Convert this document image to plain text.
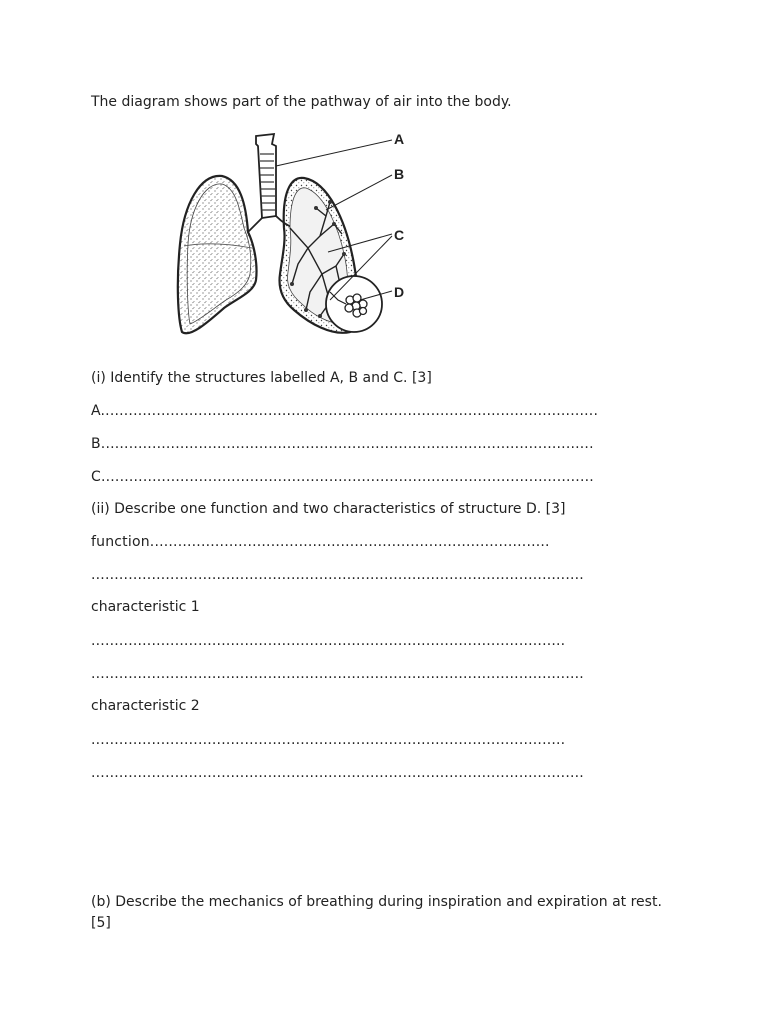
The diagram shows part of the pathway of air into the body.
A
B
C
D
(i) Identify the structures labelled A, B and C. [3]
A...........................................................................................................
B..........................................................................................................
C..........................................................................................................
(ii) Describe one function and two characteristics of structure D. [3]
function......................................................................................
..........................................................................................................
characteristic 1
......................................................................................................
..........................................................................................................
characteristic 2
......................................................................................................
..........................................................................................................
(b) Describe the mechanics of breathing during inspiration and expiration at rest.
[5]
